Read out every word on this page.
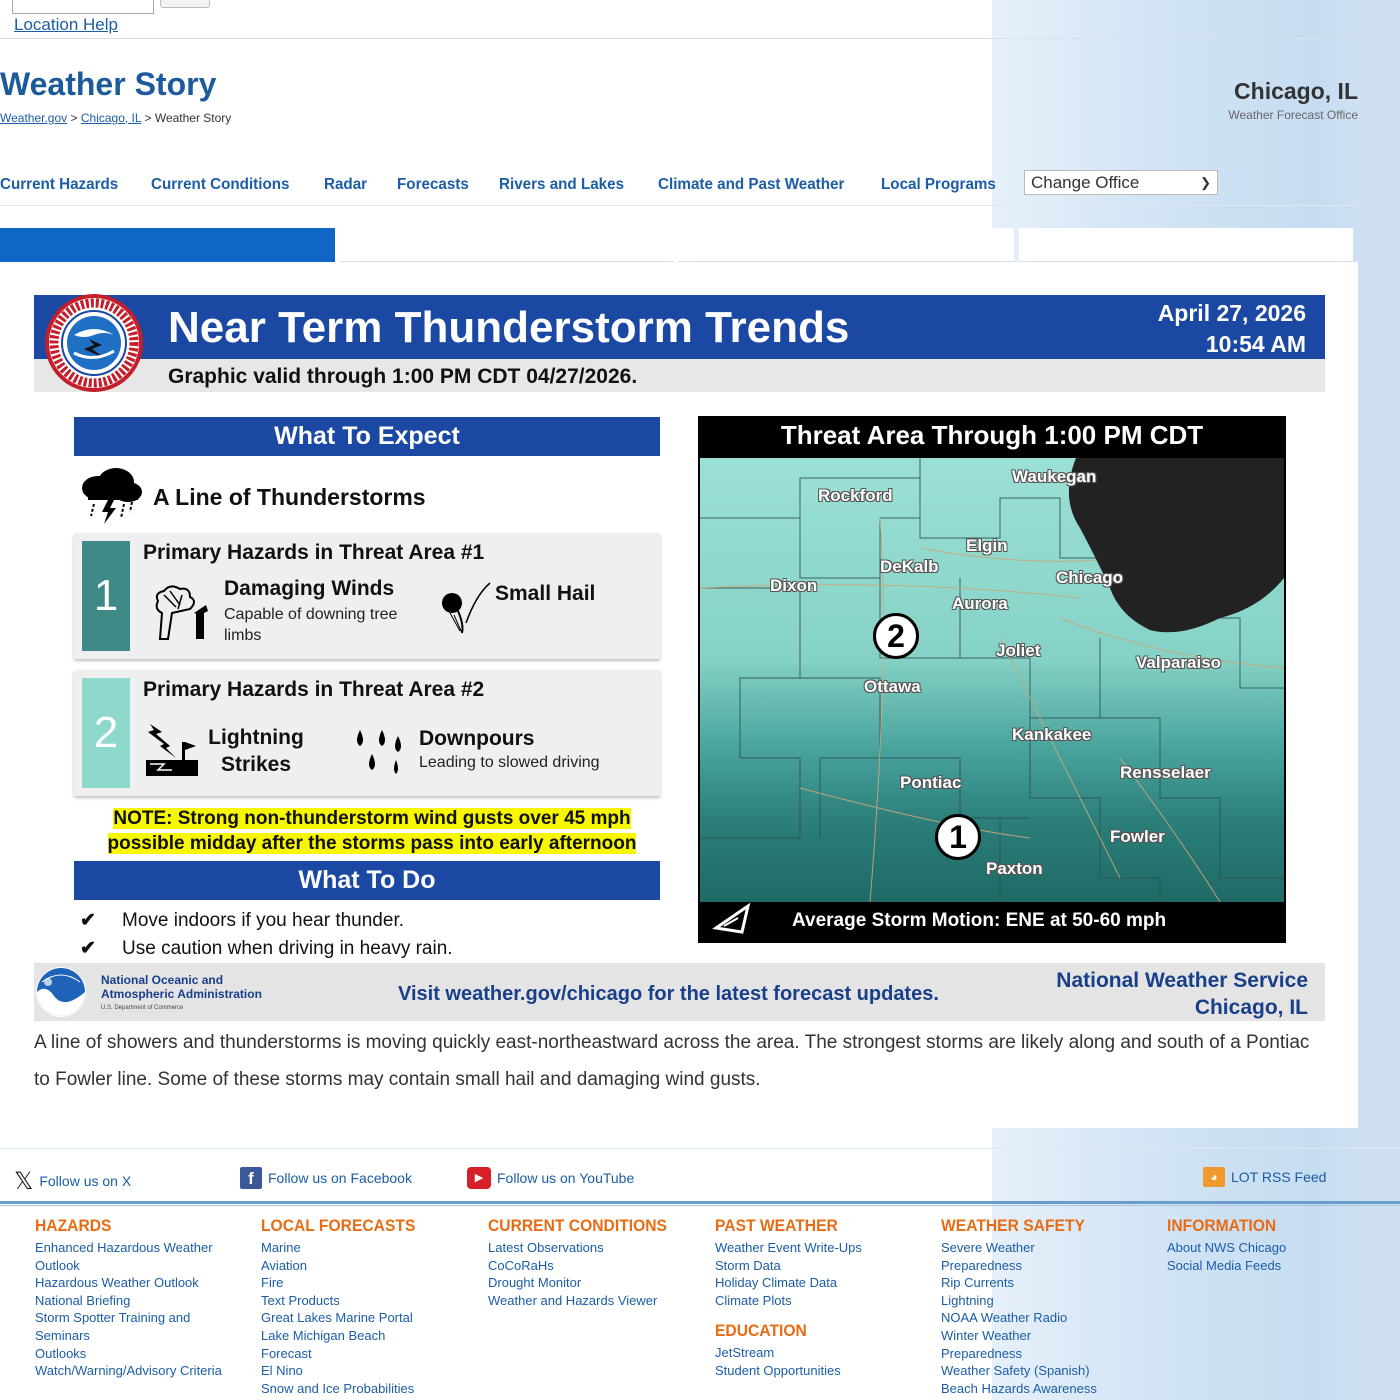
Location Help
Weather Story
Weather.gov > Chicago, IL > Weather Story
Chicago, IL
Weather Forecast Office
Current Hazards Current Conditions Radar Forecasts Rivers and Lakes Climate and Past Weather Local Programs Change Office	❯
Near Term Thunderstorm Trends	April 27, 2026
10:54 AM
Graphic valid through 1:00 PM CDT 04/27/2026.
What To Expect
A Line of Thunderstorms
1
Primary Hazards in Threat Area #1
Damaging Winds
Capable of downing tree limbs
Small Hail
2
Primary Hazards in Threat Area #2
Lightning Strikes
Downpours
Leading to slowed driving
NOTE: Strong non-thunderstorm wind gusts over 45 mph
possible midday after the storms pass into early afternoon
What To Do
✔ Move indoors if you hear thunder.
✔ Use caution when driving in heavy rain.
Threat Area Through 1:00 PM CDT
Rockford
Waukegan
Elgin
DeKalb
Dixon	Chicago
Aurora
Joliet
Valparaiso
Ottawa
Kankakee
Pontiac
Rensselaer
Fowler
Paxton
2
1
Average Storm Motion: ENE at 50-60 mph
National Oceanic and
Atmospheric Administration
U.S. Department of Commerce
Visit weather.gov/chicago for the latest forecast updates.
National Weather Service
Chicago, IL
A line of showers and thunderstorms is moving quickly east-northeastward across the area. The strongest storms are likely along and south of a Pontiac to Fowler line. Some of these storms may contain small hail and damaging wind gusts.
𝕏 Follow us on X	f	Follow us on Facebook	▶ Follow us on YouTube	◕ LOT RSS Feed
HAZARDS
Enhanced Hazardous Weather Outlook
Hazardous Weather Outlook
National Briefing
Storm Spotter Training and Seminars
Outlooks
Watch/Warning/Advisory Criteria
LOCAL FORECASTS
Marine
Aviation
Fire
Text Products
Great Lakes Marine Portal
Lake Michigan Beach Forecast
El Nino
Snow and Ice Probabilities
CURRENT CONDITIONS
Latest Observations
CoCoRaHs
Drought Monitor
Weather and Hazards Viewer
PAST WEATHER
Weather Event Write-Ups
Storm Data
Holiday Climate Data
Climate Plots
EDUCATION
JetStream
Student Opportunities
WEATHER SAFETY
Severe Weather Preparedness
Rip Currents
Lightning
NOAA Weather Radio
Winter Weather Preparedness
Weather Safety (Spanish)
Beach Hazards Awareness
INFORMATION
About NWS Chicago
Social Media Feeds
